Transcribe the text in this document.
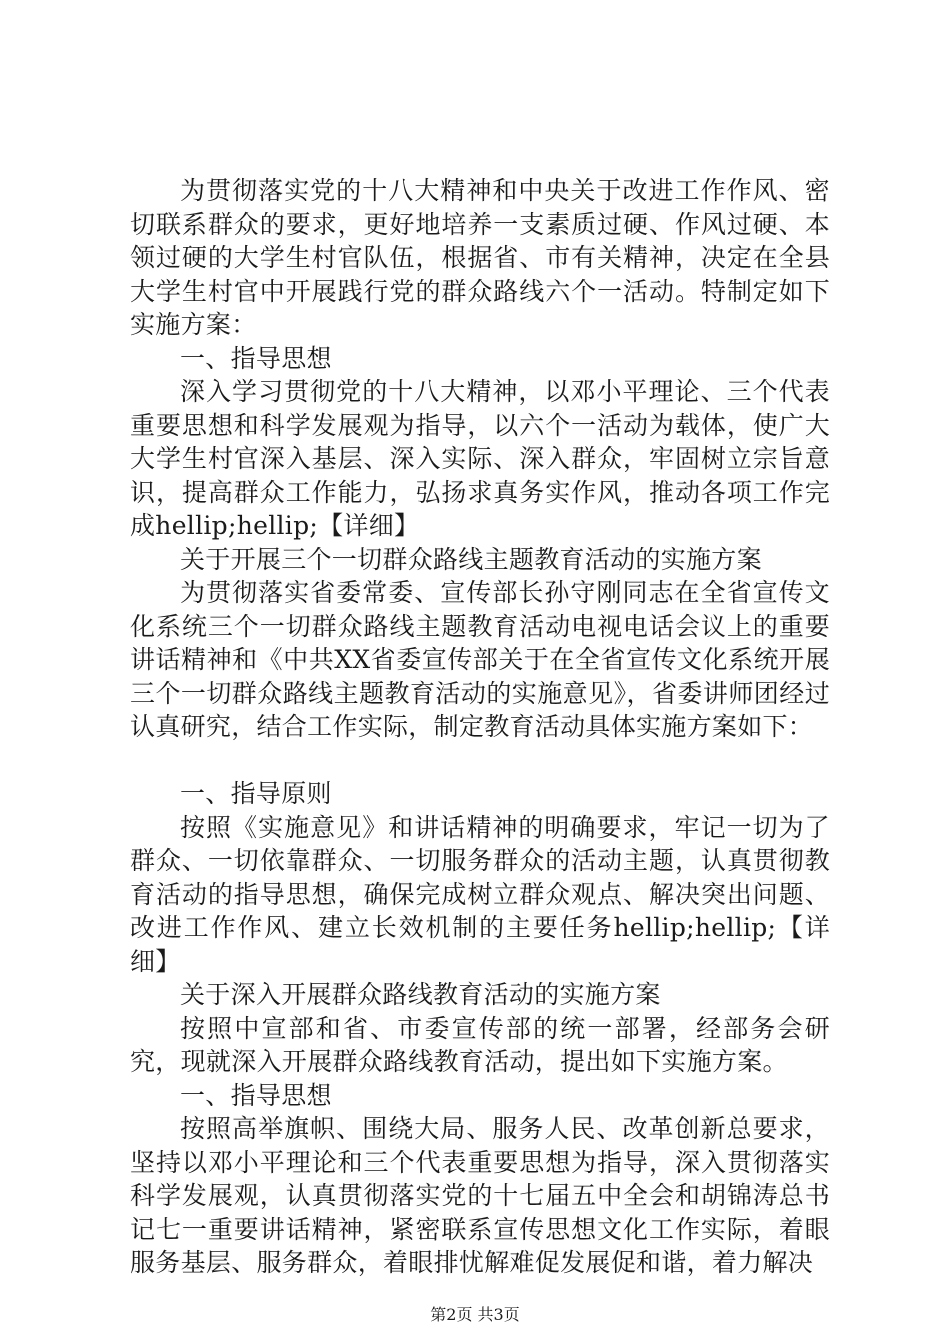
为贯彻落实党的十八大精神和中央关于改进工作作风、密切联系群众的要求，更好地培养一支素质过硬、作风过硬、本领过硬的大学生村官队伍，根据省、市有关精神，决定在全县大学生村官中开展践行党的群众路线六个一活动。特制定如下实施方案：

一、指导思想

深入学习贯彻党的十八大精神，以邓小平理论、三个代表重要思想和科学发展观为指导，以六个一活动为载体，使广大大学生村官深入基层、深入实际、深入群众，牢固树立宗旨意识，提高群众工作能力，弘扬求真务实作风，推动各项工作完成hellip;hellip;【详细】

关于开展三个一切群众路线主题教育活动的实施方案

为贯彻落实省委常委、宣传部长孙守刚同志在全省宣传文化系统三个一切群众路线主题教育活动电视电话会议上的重要讲话精神和《中共XX省委宣传部关于在全省宣传文化系统开展三个一切群众路线主题教育活动的实施意见》，省委讲师团经过认真研究，结合工作实际，制定教育活动具体实施方案如下：

一、指导原则

按照《实施意见》和讲话精神的明确要求，牢记一切为了群众、一切依靠群众、一切服务群众的活动主题，认真贯彻教育活动的指导思想，确保完成树立群众观点、解决突出问题、改进工作作风、建立长效机制的主要任务hellip;hellip;【详细】

关于深入开展群众路线教育活动的实施方案

按照中宣部和省、市委宣传部的统一部署，经部务会研究，现就深入开展群众路线教育活动，提出如下实施方案。

一、指导思想

按照高举旗帜、围绕大局、服务人民、改革创新总要求，坚持以邓小平理论和三个代表重要思想为指导，深入贯彻落实科学发展观，认真贯彻落实党的十七届五中全会和胡锦涛总书记七一重要讲话精神，紧密联系宣传思想文化工作实际，着眼服务基层、服务群众，着眼排忧解难促发展促和谐，着力解决

第2页 共3页
